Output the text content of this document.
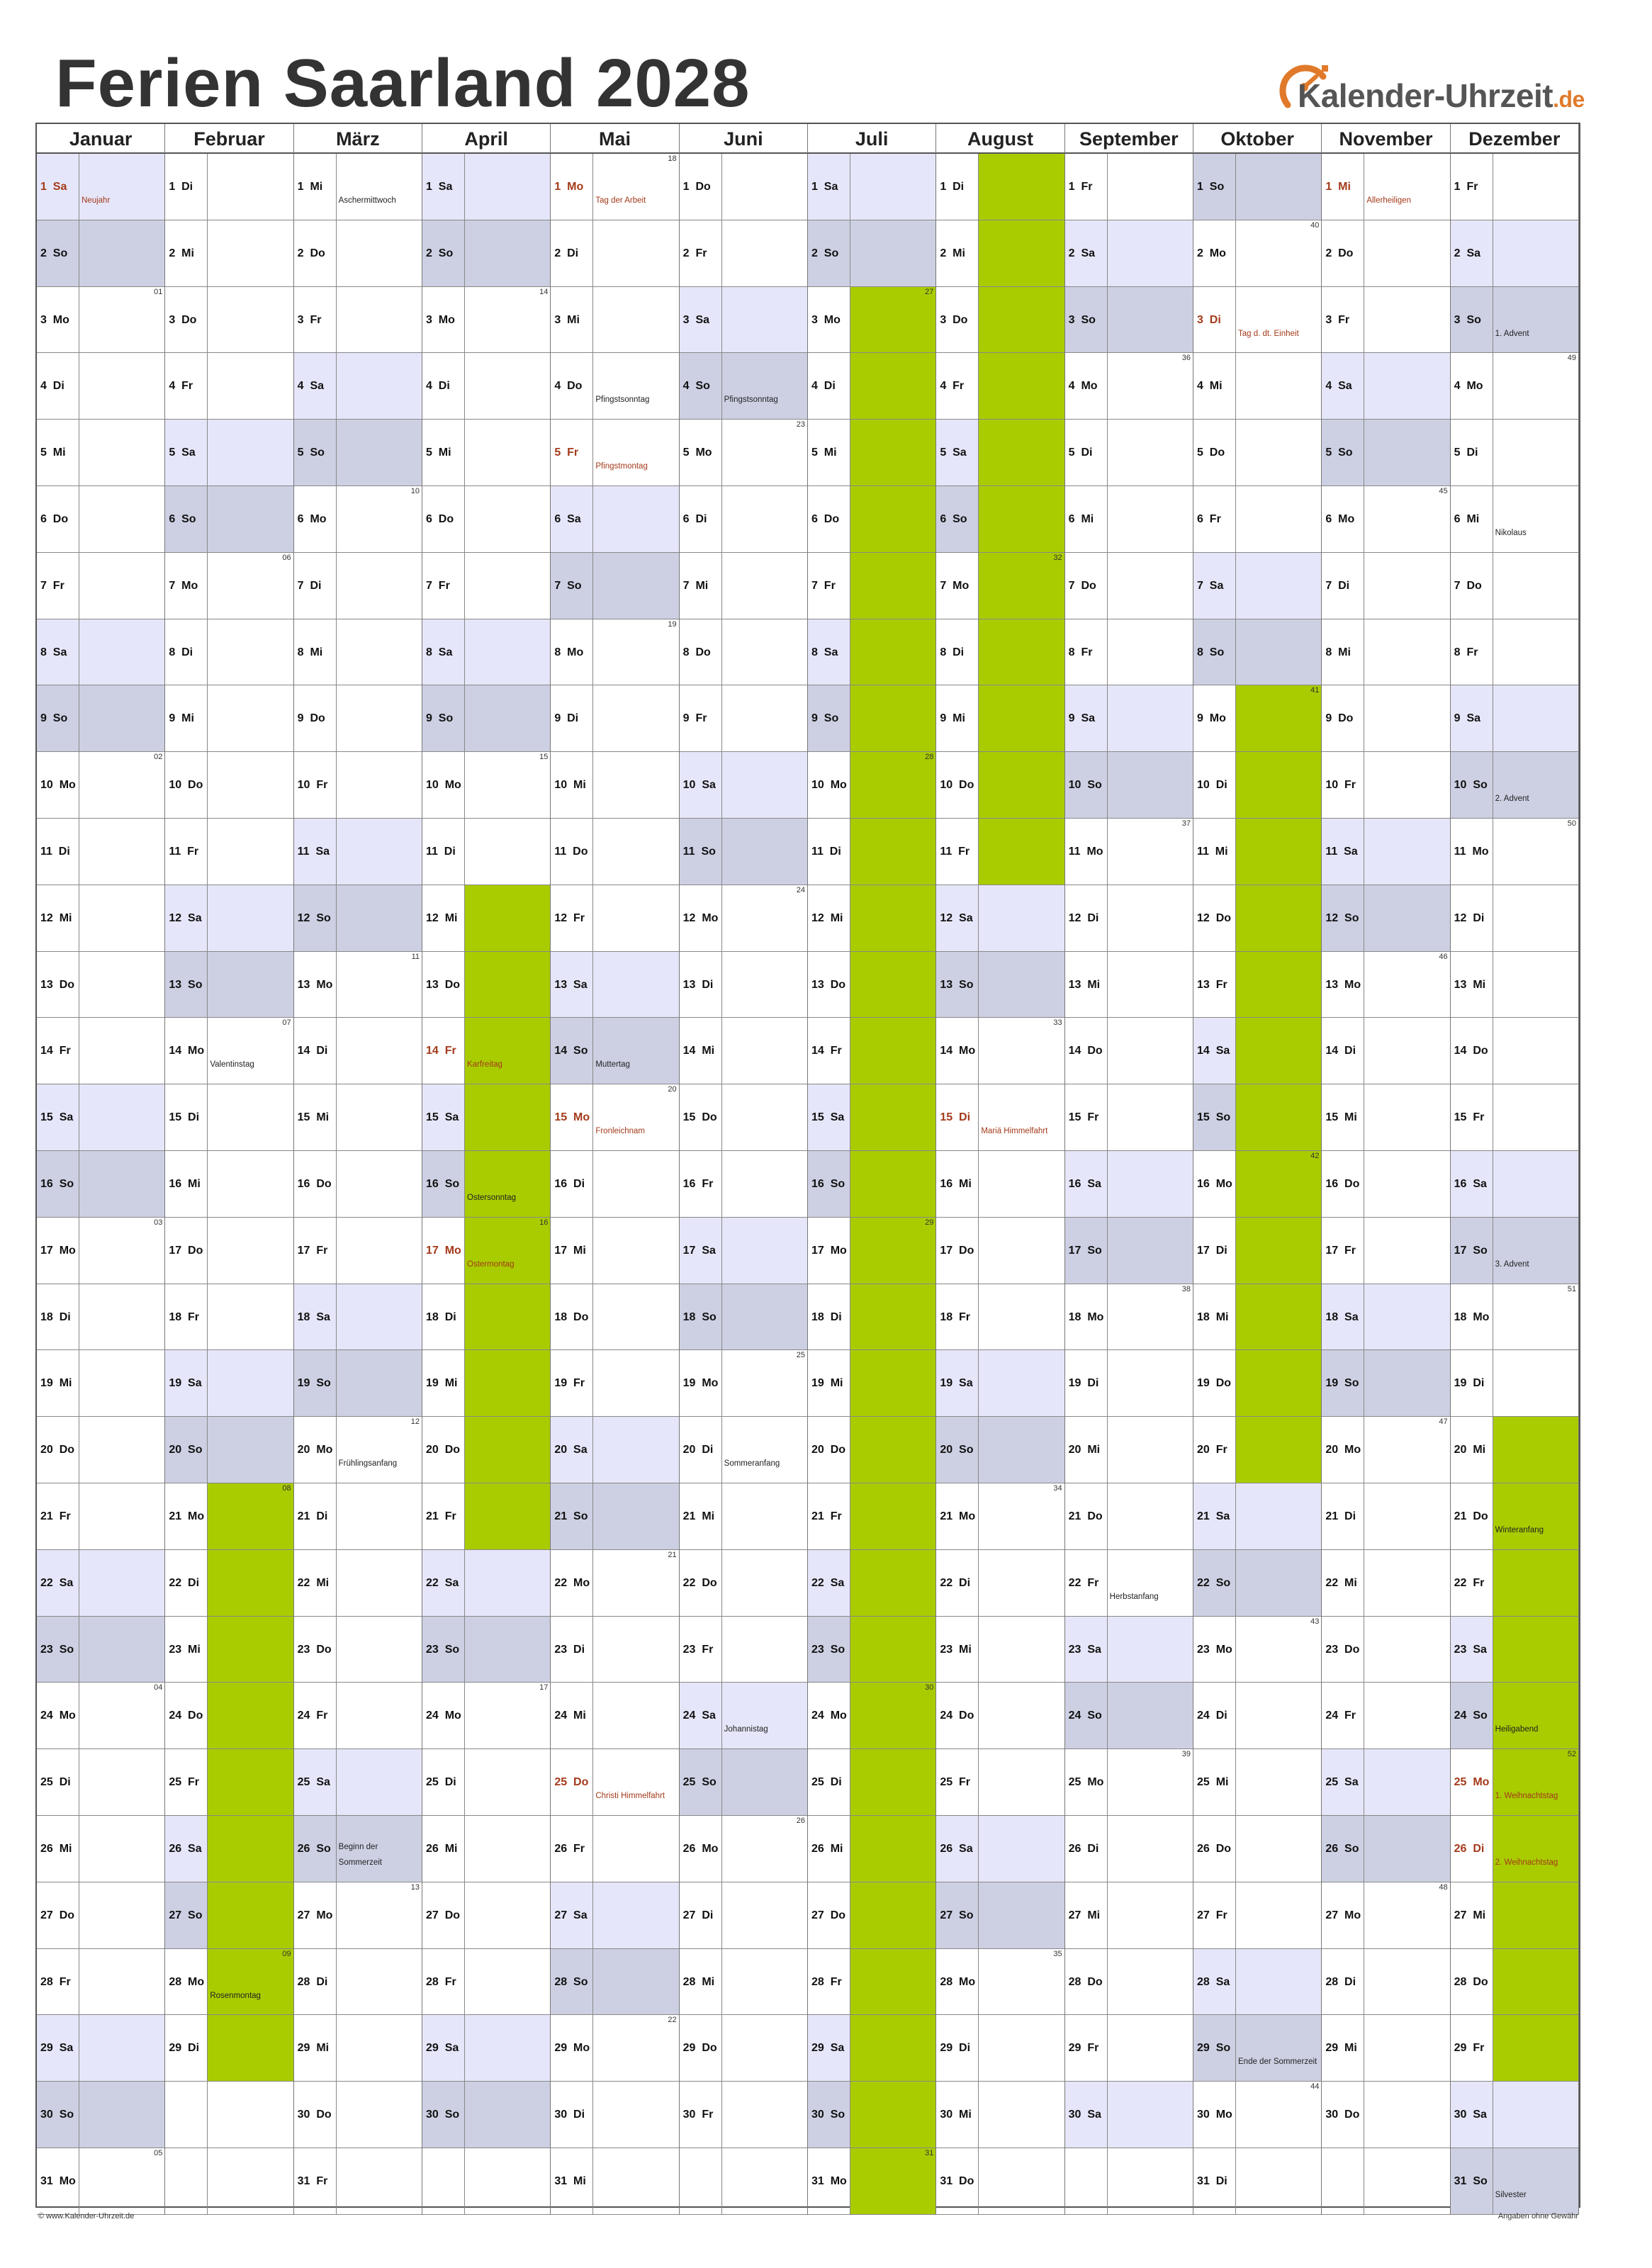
Ferien Saarland 2028	Kalender-Uhrzeit.de
Januar
1  Sa
Neujahr
2  So
3  Mo
01
4  Di
5  Mi
6  Do
7  Fr
8  Sa
9  So
10  Mo
02
11  Di
12  Mi
13  Do
14  Fr
15  Sa
16  So
17  Mo
03
18  Di
19  Mi
20  Do
21  Fr
22  Sa
23  So
24  Mo
04
25  Di
26  Mi
27  Do
28  Fr
29  Sa
30  So
31  Mo
05
Februar
1  Di
2  Mi
3  Do
4  Fr
5  Sa
6  So
7  Mo
06
8  Di
9  Mi
10  Do
11  Fr
12  Sa
13  So
14  Mo
Valentinstag
07
15  Di
16  Mi
17  Do
18  Fr
19  Sa
20  So
21  Mo
08
22  Di
23  Mi
24  Do
25  Fr
26  Sa
27  So
28  Mo
Rosenmontag
09
29  Di
März
1  Mi
Aschermittwoch
2  Do
3  Fr
4  Sa
5  So
6  Mo
10
7  Di
8  Mi
9  Do
10  Fr
11  Sa
12  So
13  Mo
11
14  Di
15  Mi
16  Do
17  Fr
18  Sa
19  So
20  Mo
Frühlingsanfang
12
21  Di
22  Mi
23  Do
24  Fr
25  Sa
26  So Beginn der Sommerzeit
27  Mo
13
28  Di
29  Mi
30  Do
31  Fr
April
1  Sa
2  So
3  Mo
14
4  Di
5  Mi
6  Do
7  Fr
8  Sa
9  So
10  Mo
15
11  Di
12  Mi
13  Do
14  Fr
Karfreitag
15  Sa
16  So
Ostersonntag
17  Mo
Ostermontag
16
18  Di
19  Mi
20  Do
21  Fr
22  Sa
23  So
24  Mo
17
25  Di
26  Mi
27  Do
28  Fr
29  Sa
30  So
Mai
1  Mo
Tag der Arbeit
18
2  Di
3  Mi
4  Do
Pfingstsonntag
5  Fr
Pfingstmontag
6  Sa
7  So
8  Mo
19
9  Di
10  Mi
11  Do
12  Fr
13  Sa
14  So
Muttertag
15  Mo
Fronleichnam
20
16  Di
17  Mi
18  Do
19  Fr
20  Sa
21  So
22  Mo
21
23  Di
24  Mi
25  Do
Christi Himmelfahrt
26  Fr
27  Sa
28  So
29  Mo
22
30  Di
31  Mi
Juni
1  Do
2  Fr
3  Sa
4  So
Pfingstsonntag
5  Mo
23
6  Di
7  Mi
8  Do
9  Fr
10  Sa
11  So
12  Mo
24
13  Di
14  Mi
15  Do
16  Fr
17  Sa
18  So
19  Mo
25
20  Di
Sommeranfang
21  Mi
22  Do
23  Fr
24  Sa
Johannistag
25  So
26  Mo
26
27  Di
28  Mi
29  Do
30  Fr
Juli
1  Sa
2  So
3  Mo
27
4  Di
5  Mi
6  Do
7  Fr
8  Sa
9  So
10  Mo
28
11  Di
12  Mi
13  Do
14  Fr
15  Sa
16  So
17  Mo
29
18  Di
19  Mi
20  Do
21  Fr
22  Sa
23  So
24  Mo
30
25  Di
26  Mi
27  Do
28  Fr
29  Sa
30  So
31  Mo
31
August
1  Di
2  Mi
3  Do
4  Fr
5  Sa
6  So
7  Mo
32
8  Di
9  Mi
10  Do
11  Fr
12  Sa
13  So
14  Mo
33
15  Di
Mariä Himmelfahrt
16  Mi
17  Do
18  Fr
19  Sa
20  So
21  Mo
34
22  Di
23  Mi
24  Do
25  Fr
26  Sa
27  So
28  Mo
35
29  Di
30  Mi
31  Do
September
1  Fr
2  Sa
3  So
4  Mo
36
5  Di
6  Mi
7  Do
8  Fr
9  Sa
10  So
11  Mo
37
12  Di
13  Mi
14  Do
15  Fr
16  Sa
17  So
18  Mo
38
19  Di
20  Mi
21  Do
22  Fr
Herbstanfang
23  Sa
24  So
25  Mo
39
26  Di
27  Mi
28  Do
29  Fr
30  Sa
Oktober
1  So
2  Mo
40
3  Di
Tag d. dt. Einheit
4  Mi
5  Do
6  Fr
7  Sa
8  So
9  Mo
41
10  Di
11  Mi
12  Do
13  Fr
14  Sa
15  So
16  Mo
42
17  Di
18  Mi
19  Do
20  Fr
21  Sa
22  So
23  Mo
43
24  Di
25  Mi
26  Do
27  Fr
28  Sa
29  So
Ende der Sommerzeit
30  Mo
44
31  Di
November
1  Mi
Allerheiligen
2  Do
3  Fr
4  Sa
5  So
6  Mo
45
7  Di
8  Mi
9  Do
10  Fr
11  Sa
12  So
13  Mo
46
14  Di
15  Mi
16  Do
17  Fr
18  Sa
19  So
20  Mo
47
21  Di
22  Mi
23  Do
24  Fr
25  Sa
26  So
27  Mo
48
28  Di
29  Mi
30  Do
Dezember
1  Fr
2  Sa
3  So
1. Advent
4  Mo
49
5  Di
6  Mi
Nikolaus
7  Do
8  Fr
9  Sa
10  So
2. Advent
11  Mo
50
12  Di
13  Mi
14  Do
15  Fr
16  Sa
17  So
3. Advent
18  Mo
51
19  Di
20  Mi
21  Do
Winteranfang
22  Fr
23  Sa
24  So
Heiligabend
25  Mo
1. Weihnachtstag
52
26  Di
2. Weihnachtstag
27  Mi
28  Do
29  Fr
30  Sa
31  So
Silvester
© www.Kalender-Uhrzeit.de	Angaben ohne Gewähr
